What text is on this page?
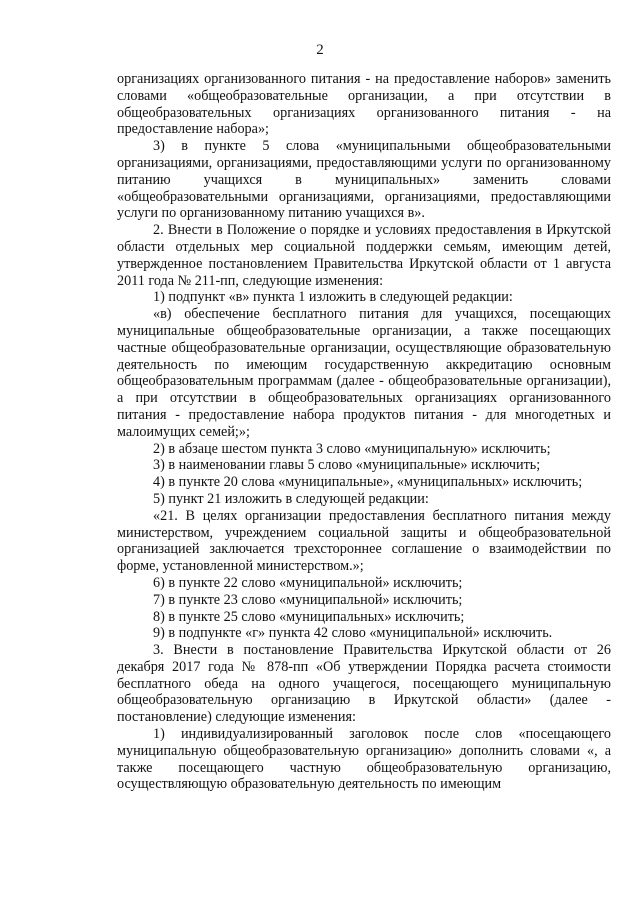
2

организациях организованного питания - на предоставление наборов» заменить словами «общеобразовательные организации, а при отсутствии в общеобразовательных организациях организованного питания - на предоставление набора»;

3) в пункте 5 слова «муниципальными общеобразовательными организациями, организациями, предоставляющими услуги по организованному питанию учащихся в муниципальных» заменить словами «общеобразовательными организациями, организациями, предоставляющими услуги по организованному питанию учащихся в».

2. Внести в Положение о порядке и условиях предоставления в Иркутской области отдельных мер социальной поддержки семьям, имеющим детей, утвержденное постановлением Правительства Иркутской области от 1 августа 2011 года № 211-пп, следующие изменения:

1) подпункт «в» пункта 1 изложить в следующей редакции:

«в) обеспечение бесплатного питания для учащихся, посещающих муниципальные общеобразовательные организации, а также посещающих частные общеобразовательные организации, осуществляющие образовательную деятельность по имеющим государственную аккредитацию основным общеобразовательным программам (далее - общеобразовательные организации), а при отсутствии в общеобразовательных организациях организованного питания - предоставление набора продуктов питания - для многодетных и малоимущих семей;»;

2) в абзаце шестом пункта 3 слово «муниципальную» исключить;

3) в наименовании главы 5 слово «муниципальные» исключить;

4) в пункте 20 слова «муниципальные», «муниципальных» исключить;

5) пункт 21 изложить в следующей редакции:

«21. В целях организации предоставления бесплатного питания между министерством, учреждением социальной защиты и общеобразовательной организацией заключается трехстороннее соглашение о взаимодействии по форме, установленной министерством.»;

6) в пункте 22 слово «муниципальной» исключить;

7) в пункте 23 слово «муниципальной» исключить;

8) в пункте 25 слово «муниципальных» исключить;

9) в подпункте «г» пункта 42 слово «муниципальной» исключить.

3. Внести в постановление Правительства Иркутской области от 26 декабря 2017 года № 878-пп «Об утверждении Порядка расчета стоимости бесплатного обеда на одного учащегося, посещающего муниципальную общеобразовательную организацию в Иркутской области» (далее - постановление) следующие изменения:

1) индивидуализированный заголовок после слов «посещающего муниципальную общеобразовательную организацию» дополнить словами «, а также посещающего частную общеобразовательную организацию, осуществляющую образовательную деятельность по имеющим
